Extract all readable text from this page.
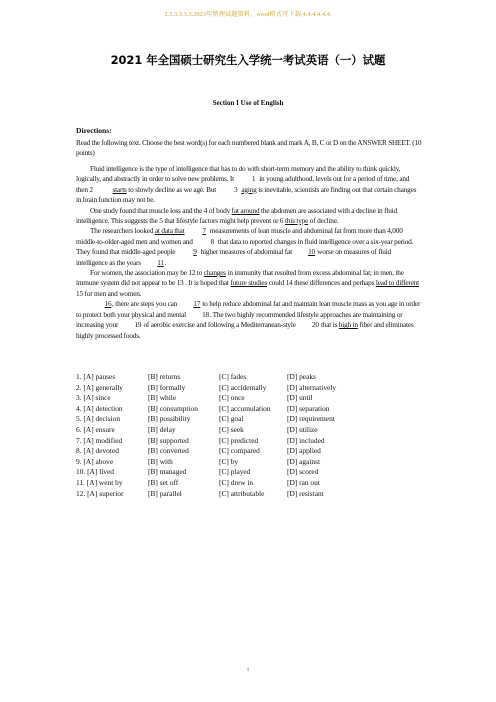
2.3.3.3.3.3.2023年整理试题资料，word格式可下载.4.4.4.4.4.4.
2021 年全国硕士研究生入学统一考试英语（一）试题
Section I Use of English
Directions:
Read the following text. Choose the best word(s) for each numbered blank and mark A, B, C or D on the ANSWER SHEET. (10 points)

Fluid intelligence is the type of intelligence that has to do with short-term memory and the ability to think quickly, logically, and abstractly in order to solve new problems. It 1 in young adulthood, levels out for a period of time, and then 2	starts to slowly decline as we age. But 3 aging is inevitable, scientists are finding out that certain changes in brain function may not be.

One study found that muscle loss and the 4 of body fat around the abdomen are associated with a decline in fluid intelligence. This suggests the 5 that lifestyle factors might help prevent or 6 this type of decline.

The researchers looked at data that 7 measurements of lean muscle and abdominal fat from more than 4,000 middle-to-older-aged men and women and 8 that data to reported changes in fluid intelligence over a six-year period. They found that middle-aged people 9 higher measures of abdominal fat 10 worse on measures of fluid intelligence as the years 11.

For women, the association may be 12 to changes in immunity that resulted from excess abdominal fat; in men, the immune system did not appear to be 13 . It is hoped that future studies could 14 these differences and perhaps lead to different 15 for men and women.

16, there are steps you can 17 to help reduce abdominal fat and maintain lean muscle mass as you age in order to protect both your physical and mental 18. The two highly recommended lifestyle approaches are maintaining or increasing your 19 of aerobic exercise and following a Mediterranean-style 20 that is high in fiber and eliminates highly processed foods.

1. [A] pauses	[B] returns	[C] fades	[D] peaks
2. [A] generally	[B] formally	[C] accidentally	[D] alternatively
3. [A] since	[B] while	[C] once	[D] until
4. [A] detection	[B] consumption	[C] accumulation	[D] separation
5. [A] decision	[B] possibility	[C] goal	[D] requirement
6. [A] ensure	[B] delay	[C] seek	[D] utilize
7. [A] modified	[B] supported	[C] predicted	[D] included
8. [A] devoted	[B] converted	[C] compared	[D] applied
9. [A] above	[B] with	[C] by	[D] against
10. [A] lived	[B] managed	[C] played	[D] scored
11. [A] went by	[B] set off	[C] drew in	[D] ran out
12. [A] superior	[B] parallel	[C] attributable	[D] resistant
1
